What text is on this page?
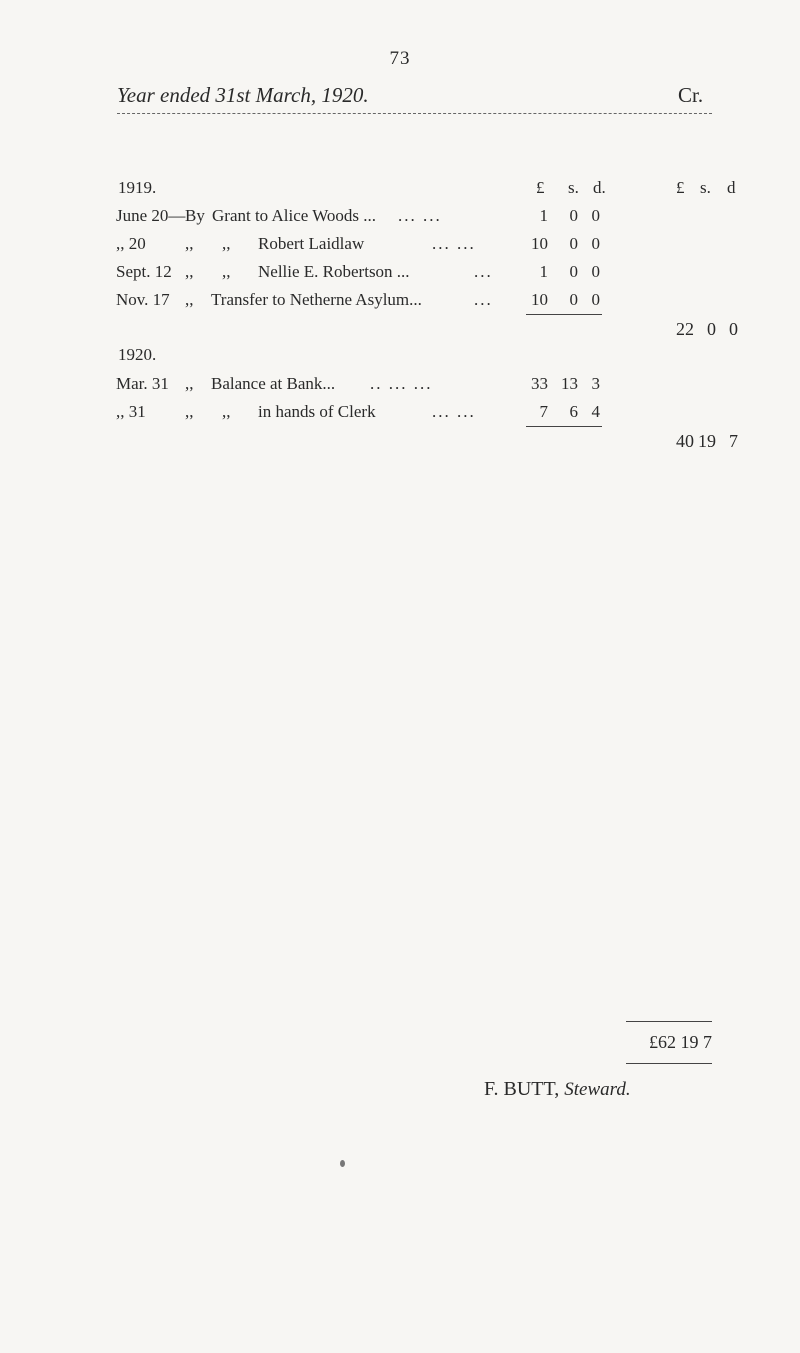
73
Year ended 31st March, 1920.	Cr.
£ s. d.	£ s. d
1919.
June 20— By Grant to Alice Woods ... ... ...	1	0 0
,, 20 ,, ,, Robert Laidlaw	... ...	10	0 0
Sept. 12 ,, ,, Nellie E. Robertson ...	...	1	0 0
Nov. 17 ,, Transfer to Netherne Asylum...	...	10	0 0
22 0 0
1920.
Mar. 31 ,, Balance at Bank... .. ... ...	33 13 3
,, 31 ,, ,, in hands of Clerk	... ...	7	6 4
40 19 7
£62 19 7
F. BUTT, Steward.
